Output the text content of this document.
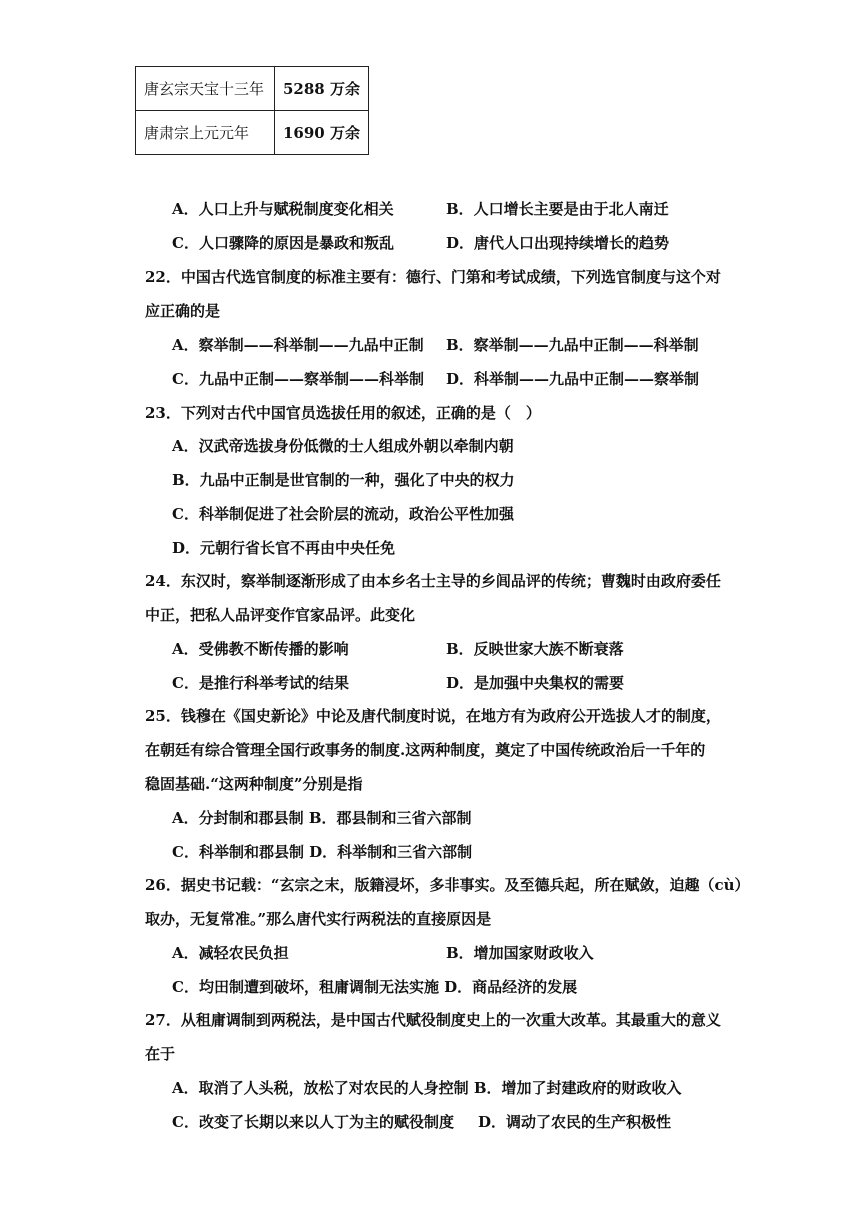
唐玄宗天宝十三年	5288 万余
唐肃宗上元元年	1690 万余
A．人口上升与赋税制度变化相关	B．人口增长主要是由于北人南迁
C．人口骤降的原因是暴政和叛乱	D．唐代人口出现持续增长的趋势
22．中国古代选官制度的标准主要有：德行、门第和考试成绩，下列选官制度与这个对
应正确的是
A．察举制——科举制——九品中正制 B．察举制——九品中正制——科举制
C．九品中正制——察举制——科举制 D．科举制——九品中正制——察举制
23．下列对古代中国官员选拔任用的叙述，正确的是（　）
A．汉武帝选拔身份低微的士人组成外朝以牵制内朝
B．九品中正制是世官制的一种，强化了中央的权力
C．科举制促进了社会阶层的流动，政治公平性加强
D．元朝行省长官不再由中央任免
24．东汉时，察举制逐渐形成了由本乡名士主导的乡闾品评的传统；曹魏时由政府委任
中正，把私人品评变作官家品评。此变化
A．受佛教不断传播的影响	B．反映世家大族不断衰落
C．是推行科举考试的结果	D．是加强中央集权的需要
25．钱穆在《国史新论》中论及唐代制度时说，在地方有为政府公开选拔人才的制度，
在朝廷有综合管理全国行政事务的制度.这两种制度，奠定了中国传统政治后一千年的
稳固基础.“这两种制度”分别是指
A．分封制和郡县制 B．郡县制和三省六部制
C．科举制和郡县制 D．科举制和三省六部制
26．据史书记载：“玄宗之末，版籍浸坏，多非事实。及至德兵起，所在赋敛，迫趣（cù）
取办，无复常准。”那么唐代实行两税法的直接原因是
A．减轻农民负担	B．增加国家财政收入
C．均田制遭到破坏，租庸调制无法实施 D．商品经济的发展
27．从租庸调制到两税法，是中国古代赋役制度史上的一次重大改革。其最重大的意义
在于
A．取消了人头税，放松了对农民的人身控制 B．增加了封建政府的财政收入
C．改变了长期以来以人丁为主的赋役制度 D．调动了农民的生产积极性
